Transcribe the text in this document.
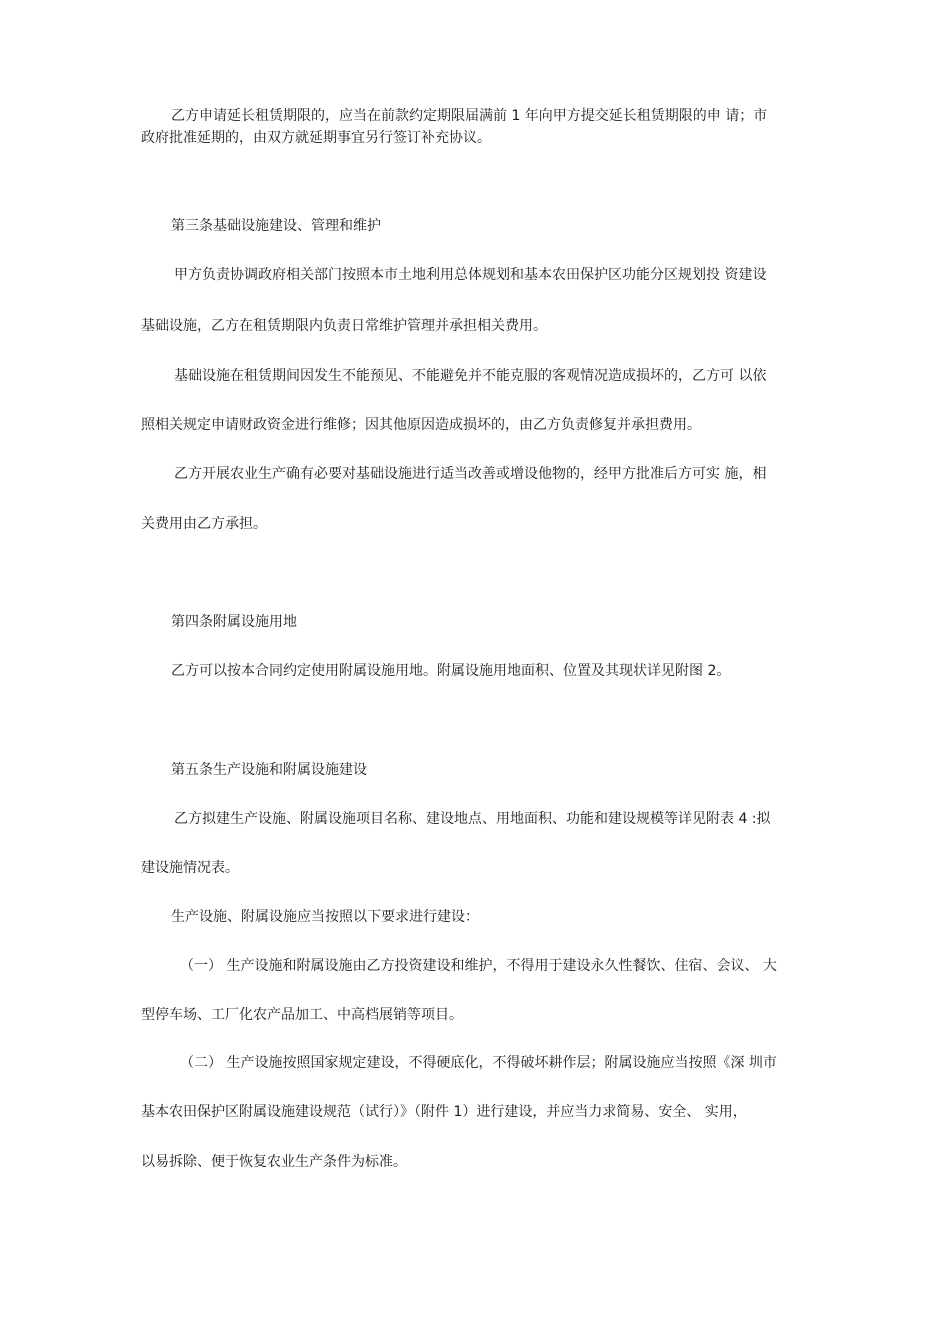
乙方申请延长租赁期限的，应当在前款约定期限届满前 1 年向甲方提交延长租赁期限的申 请；市

政府批准延期的，由双方就延期事宜另行签订补充协议。

第三条基础设施建设、管理和维护

甲方负责协调政府相关部门按照本市土地利用总体规划和基本农田保护区功能分区规划投 资建设

基础设施，乙方在租赁期限内负责日常维护管理并承担相关费用。

基础设施在租赁期间因发生不能预见、不能避免并不能克服的客观情况造成损坏的，乙方可 以依

照相关规定申请财政资金进行维修；因其他原因造成损坏的，由乙方负责修复并承担费用。

乙方开展农业生产确有必要对基础设施进行适当改善或增设他物的，经甲方批准后方可实 施，相

关费用由乙方承担。

第四条附属设施用地

乙方可以按本合同约定使用附属设施用地。附属设施用地面积、位置及其现状详见附图 2。

第五条生产设施和附属设施建设

乙方拟建生产设施、附属设施项目名称、建设地点、用地面积、功能和建设规模等详见附表 4 :拟

建设施情况表。

生产设施、附属设施应当按照以下要求进行建设：

（一） 生产设施和附属设施由乙方投资建设和维护，不得用于建设永久性餐饮、住宿、会议、 大

型停车场、工厂化农产品加工、中高档展销等项目。

（二） 生产设施按照国家规定建设，不得硬底化，不得破坏耕作层；附属设施应当按照《深 圳市

基本农田保护区附属设施建设规范（试行）》（附件 1）进行建设，并应当力求简易、安全、 实用，

以易拆除、便于恢复农业生产条件为标准。
